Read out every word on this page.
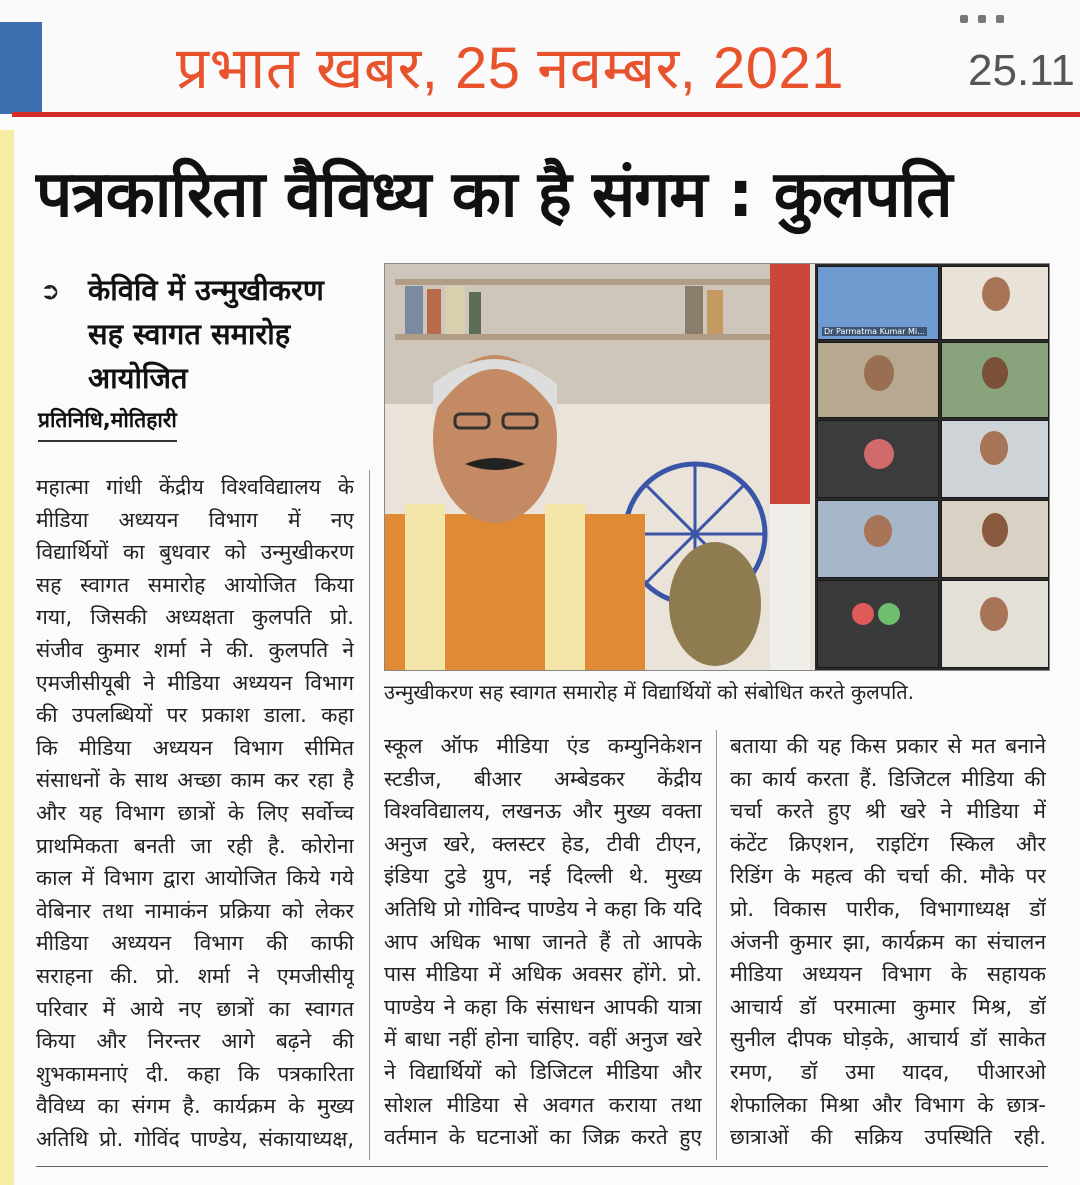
प्रभात खबर, 25 नवम्बर, 2021	25.11
पत्रकारिता वैविध्य का है संगम : कुलपति
➲ केविवि में उन्मुखीकरण
सह स्वागत समारोह
आयोजित
प्रतिनिधि,मोतिहारी
महात्मा गांधी केंद्रीय विश्वविद्यालय के
मीडिया अध्ययन विभाग में नए
विद्यार्थियों का बुधवार को उन्मुखीकरण
सह स्वागत समारोह आयोजित किया
गया, जिसकी अध्यक्षता कुलपति प्रो.
संजीव कुमार शर्मा ने की. कुलपति ने
एमजीसीयूबी ने मीडिया अध्ययन विभाग
की उपलब्धियों पर प्रकाश डाला. कहा
कि मीडिया अध्ययन विभाग सीमित
संसाधनों के साथ अच्छा काम कर रहा है
और यह विभाग छात्रों के लिए सर्वोच्च
प्राथमिकता बनती जा रही है. कोरोना
काल में विभाग द्वारा आयोजित किये गये
वेबिनार तथा नामाकंन प्रक्रिया को लेकर
मीडिया अध्ययन विभाग की काफी
सराहना की. प्रो. शर्मा ने एमजीसीयू
परिवार में आये नए छात्रों का स्वागत
किया और निरन्तर आगे बढ़ने की
शुभकामनाएं दी. कहा कि पत्रकारिता
वैविध्य का संगम है. कार्यक्रम के मुख्य
अतिथि प्रो. गोविंद पाण्डेय, संकायाध्यक्ष,
स्कूल ऑफ मीडिया एंड कम्युनिकेशन
स्टडीज, बीआर अम्बेडकर केंद्रीय
विश्वविद्यालय, लखनऊ और मुख्य वक्ता
अनुज खरे, क्लस्टर हेड, टीवी टीएन,
इंडिया टुडे ग्रुप, नई दिल्ली थे. मुख्य
अतिथि प्रो गोविन्द पाण्डेय ने कहा कि यदि
आप अधिक भाषा जानते हैं तो आपके
पास मीडिया में अधिक अवसर होंगे. प्रो.
पाण्डेय ने कहा कि संसाधन आपकी यात्रा
में बाधा नहीं होना चाहिए. वहीं अनुज खरे
ने विद्यार्थियों को डिजिटल मीडिया और
सोशल मीडिया से अवगत कराया तथा
वर्तमान के घटनाओं का जिक्र करते हुए
बताया की यह किस प्रकार से मत बनाने
का कार्य करता हैं. डिजिटल मीडिया की
चर्चा करते हुए श्री खरे ने मीडिया में
कंटेंट क्रिएशन, राइटिंग स्किल और
रिडिंग के महत्व की चर्चा की. मौके पर
प्रो. विकास पारीक, विभागाध्यक्ष डॉ
अंजनी कुमार झा, कार्यक्रम का संचालन
मीडिया अध्ययन विभाग के सहायक
आचार्य डॉ परमात्मा कुमार मिश्र, डॉ
सुनील दीपक घोड़के, आचार्य डॉ साकेत
रमण, डॉ उमा यादव, पीआरओ
शेफालिका मिश्रा और विभाग के छात्र-
छात्राओं की सक्रिय उपस्थिति रही.
Dr Parmatma Kumar Mi...
उन्मुखीकरण सह स्वागत समारोह में विद्यार्थियों को संबोधित करते कुलपति.
